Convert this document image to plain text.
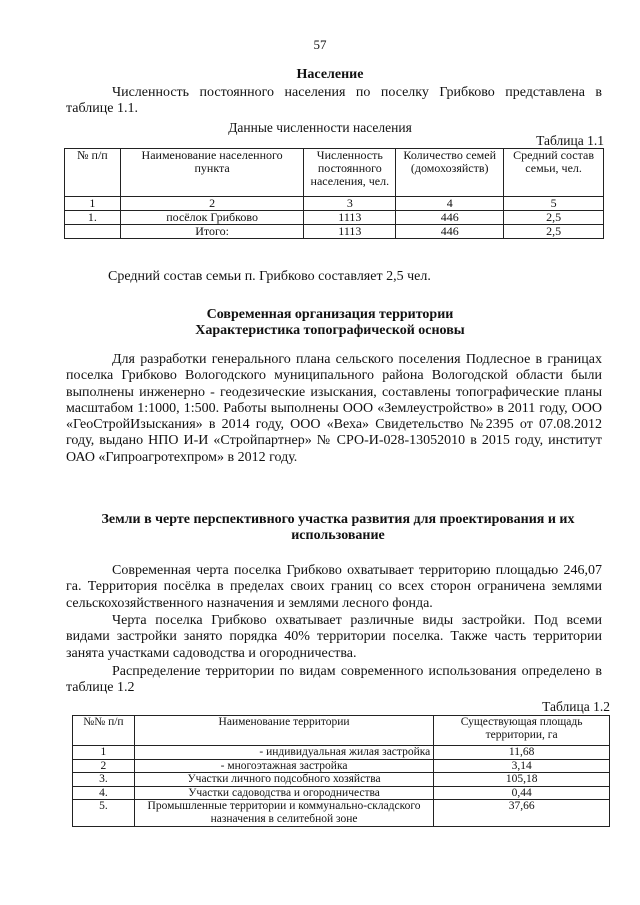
57
Население
Численность постоянного населения по поселку Грибково представлена в таблице 1.1.
Данные численности населения
Таблица 1.1
№ п/п	Наименование населенного пункта	Численность постоянного населения, чел.	Количество семей (домохозяйств)	Средний состав семьи, чел.
1	2	3	4	5
1.	посёлок Грибково	1113	446	2,5
	Итого:	1113	446	2,5
Средний состав семьи п. Грибково составляет 2,5 чел.
Современная организация территории
Характеристика топографической основы
Для разработки генерального плана сельского поселения Подлесное в границах поселка Грибково Вологодского муниципального района Вологодской области были выполнены инженерно - геодезические изыскания, составлены топографические планы масштабом 1:1000, 1:500. Работы выполнены ООО «Землеустройство» в 2011 году, ООО «ГеоСтройИзыскания» в 2014 году, ООО «Веха» Свидетельство №2395 от 07.08.2012 году, выдано НПО И-И «Стройпартнер» № СРО-И-028-13052010 в 2015 году, институт ОАО «Гипроагротехпром» в 2012 году.
Земли в черте перспективного участка развития для проектирования и их использование
Современная черта поселка Грибково охватывает территорию площадью 246,07 га. Территория посёлка в пределах своих границ со всех сторон ограничена землями сельскохозяйственного назначения и землями лесного фонда.
Черта поселка Грибково охватывает различные виды застройки. Под всеми видами застройки занято порядка 40% территории поселка. Также часть территории занята участками садоводства и огородничества.
Распределение территории по видам современного использования определено в таблице 1.2
Таблица 1.2
№№ п/п	Наименование территории	Существующая площадь территории, га
1	- индивидуальная жилая застройка	11,68
2	- многоэтажная застройка	3,14
3.	Участки личного подсобного хозяйства	105,18
4.	Участки садоводства и огородничества	0,44
5.	Промышленные территории и коммунально-складского назначения в селитебной зоне	37,66
